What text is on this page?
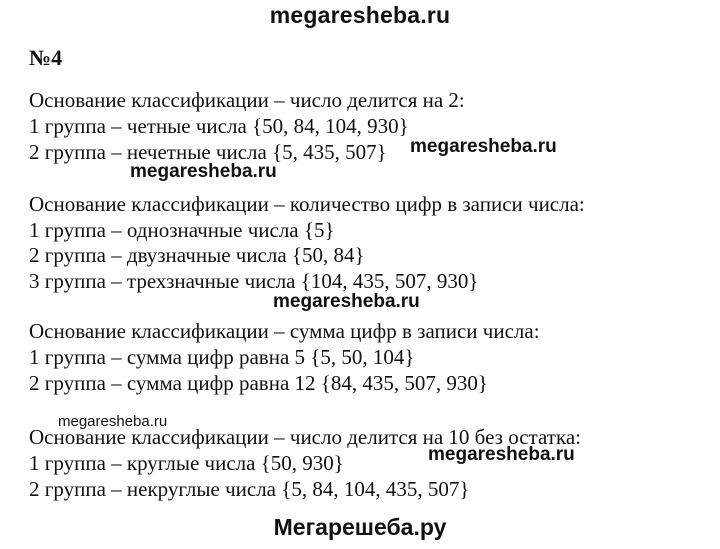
megaresheba.ru
№4
Основание классификации – число делится на 2:
1 группа – четные числа {50, 84, 104, 930}
2 группа – нечетные числа {5, 435, 507} megaresheba.ru
megaresheba.ru
Основание классификации – количество цифр в записи числа:
1 группа – однозначные числа {5}
2 группа – двузначные числа {50, 84}
3 группа – трехзначные числа {104, 435, 507, 930}
megaresheba.ru
Основание классификации – сумма цифр в записи числа:
1 группа – сумма цифр равна 5 {5, 50, 104}
2 группа – сумма цифр равна 12 {84, 435, 507, 930}
megaresheba.ru
Основание классификации – число делится на 10 без остатка:
1 группа – круглые числа {50, 930}	megaresheba.ru
2 группа – некруглые числа {5, 84, 104, 435, 507}
Мегарешеба.ру
